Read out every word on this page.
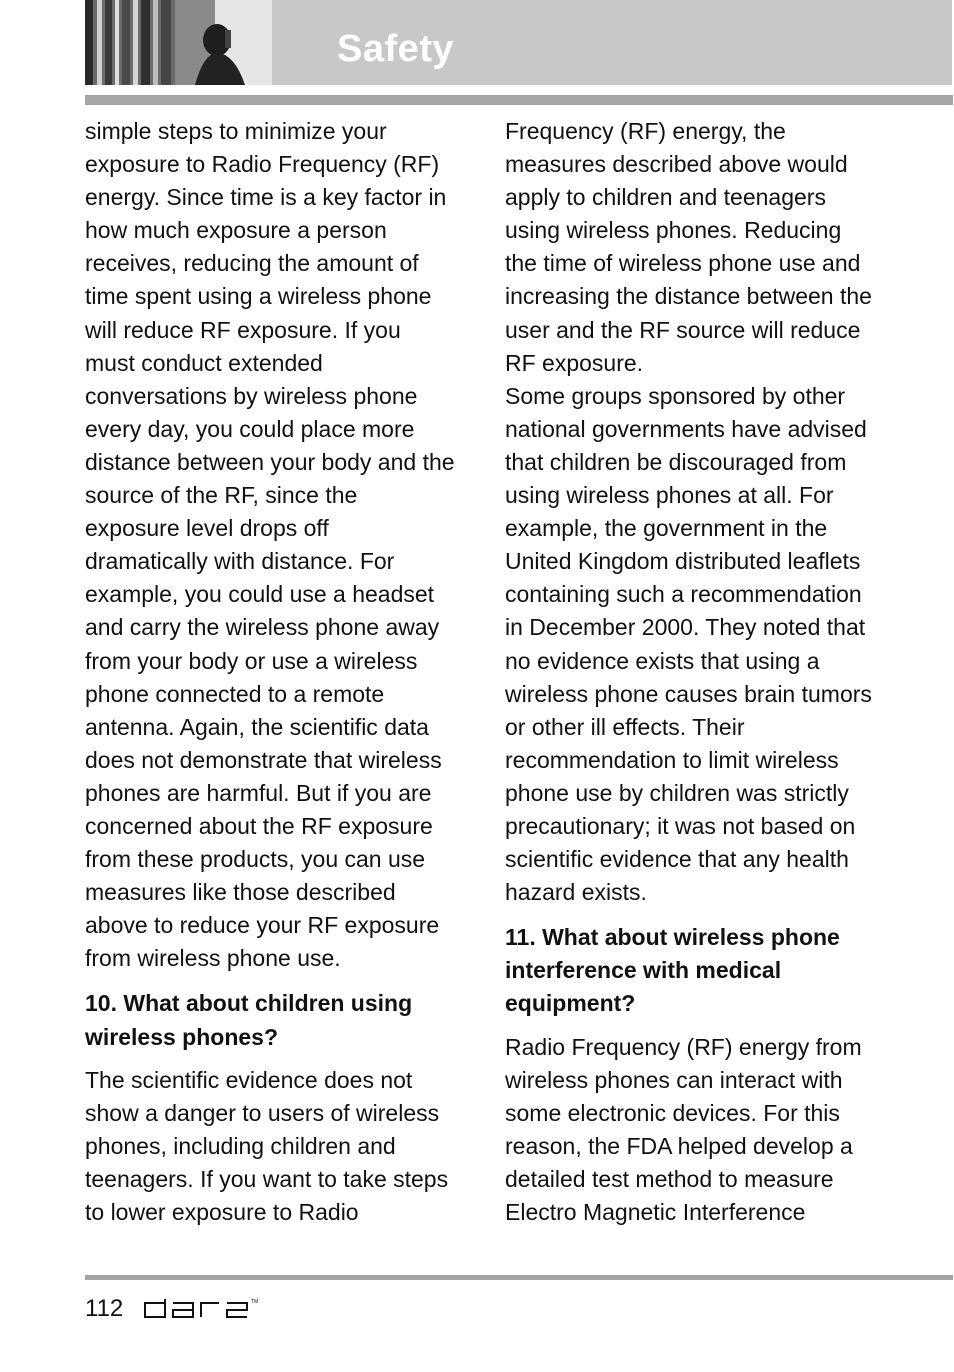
Safety

simple steps to minimize your exposure to Radio Frequency (RF) energy. Since time is a key factor in how much exposure a person receives, reducing the amount of time spent using a wireless phone will reduce RF exposure. If you must conduct extended conversations by wireless phone every day, you could place more distance between your body and the source of the RF, since the exposure level drops off dramatically with distance. For example, you could use a headset and carry the wireless phone away from your body or use a wireless phone connected to a remote antenna. Again, the scientific data does not demonstrate that wireless phones are harmful. But if you are concerned about the RF exposure from these products, you can use measures like those described above to reduce your RF exposure from wireless phone use.

10. What about children using wireless phones?

The scientific evidence does not show a danger to users of wireless phones, including children and teenagers. If you want to take steps to lower exposure to Radio

Frequency (RF) energy, the measures described above would apply to children and teenagers using wireless phones. Reducing the time of wireless phone use and increasing the distance between the user and the RF source will reduce RF exposure.

Some groups sponsored by other national governments have advised that children be discouraged from using wireless phones at all. For example, the government in the United Kingdom distributed leaflets containing such a recommendation in December 2000. They noted that no evidence exists that using a wireless phone causes brain tumors or other ill effects. Their recommendation to limit wireless phone use by children was strictly precautionary; it was not based on scientific evidence that any health hazard exists.

11. What about wireless phone interference with medical equipment?

Radio Frequency (RF) energy from wireless phones can interact with some electronic devices. For this reason, the FDA helped develop a detailed test method to measure Electro Magnetic Interference

112	TM
